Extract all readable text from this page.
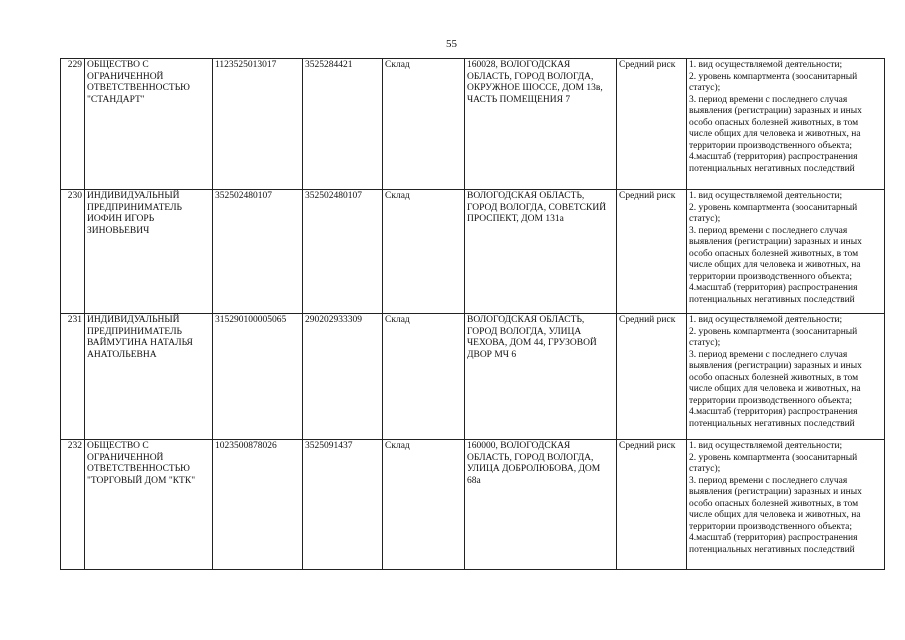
55
229	ОБЩЕСТВО С ОГРАНИЧЕННОЙ ОТВЕТСТВЕННОСТЬЮ "СТАНДАРТ"	1123525013017	3525284421	Склад	160028, ВОЛОГОДСКАЯ ОБЛАСТЬ, ГОРОД ВОЛОГДА, ОКРУЖНОЕ ШОССЕ, ДОМ 13в, ЧАСТЬ ПОМЕЩЕНИЯ 7	Средний риск	1. вид осуществляемой деятельности;
2. уровень компартмента (зоосанитарный статус);
3. период времени с последнего случая выявления (регистрации) заразных и иных особо опасных болезней животных, в том числе общих для человека и животных, на территории производственного объекта;
4.масштаб (территория) распространения потенциальных негативных последствий

230	ИНДИВИДУАЛЬНЫЙ ПРЕДПРИНИМАТЕЛЬ ИОФИН ИГОРЬ ЗИНОВЬЕВИЧ	352502480107	352502480107	Склад	ВОЛОГОДСКАЯ ОБЛАСТЬ, ГОРОД ВОЛОГДА, СОВЕТСКИЙ ПРОСПЕКТ, ДОМ 131а	Средний риск	1. вид осуществляемой деятельности;
2. уровень компартмента (зоосанитарный статус);
3. период времени с последнего случая выявления (регистрации) заразных и иных особо опасных болезней животных, в том числе общих для человека и животных, на территории производственного объекта;
4.масштаб (территория) распространения потенциальных негативных последствий

231	ИНДИВИДУАЛЬНЫЙ ПРЕДПРИНИМАТЕЛЬ ВАЙМУГИНА НАТАЛЬЯ АНАТОЛЬЕВНА	315290100005065	290202933309	Склад	ВОЛОГОДСКАЯ ОБЛАСТЬ, ГОРОД ВОЛОГДА, УЛИЦА ЧЕХОВА, ДОМ 44, ГРУЗОВОЙ ДВОР МЧ 6	Средний риск	1. вид осуществляемой деятельности;
2. уровень компартмента (зоосанитарный статус);
3. период времени с последнего случая выявления (регистрации) заразных и иных особо опасных болезней животных, в том числе общих для человека и животных, на территории производственного объекта;
4.масштаб (территория) распространения потенциальных негативных последствий

232	ОБЩЕСТВО С ОГРАНИЧЕННОЙ ОТВЕТСТВЕННОСТЬЮ "ТОРГОВЫЙ ДОМ "КТК"	1023500878026	3525091437	Склад	160000, ВОЛОГОДСКАЯ ОБЛАСТЬ, ГОРОД ВОЛОГДА, УЛИЦА ДОБРОЛЮБОВА, ДОМ 68а	Средний риск	1. вид осуществляемой деятельности;
2. уровень компартмента (зоосанитарный статус);
3. период времени с последнего случая выявления (регистрации) заразных и иных особо опасных болезней животных, в том числе общих для человека и животных, на территории производственного объекта;
4.масштаб (территория) распространения потенциальных негативных последствий
